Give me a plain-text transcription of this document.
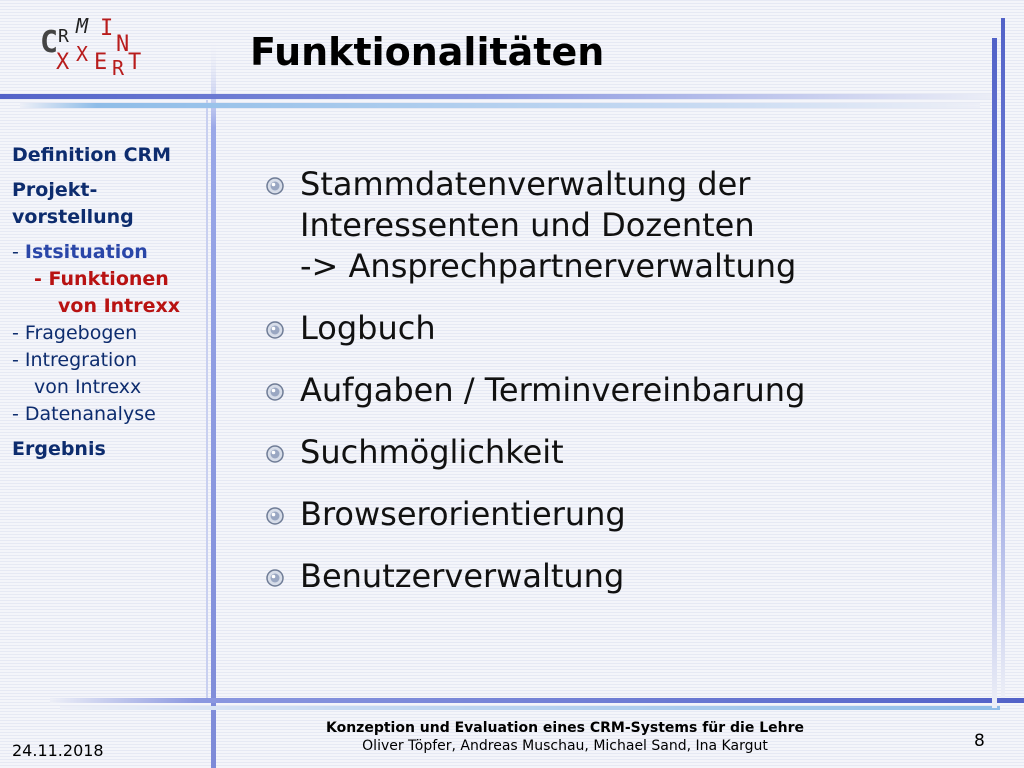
C R M I
N
X X E R T	Funktionalitäten
Definition CRM
Projekt-
vorstellung
- Istsituation
- Funktionen
von Intrexx
- Fragebogen
- Intregration
von Intrexx
- Datenanalyse
Ergebnis
Stammdatenverwaltung der
Interessenten und Dozenten
-> Ansprechpartnerverwaltung
Logbuch
Aufgaben / Terminvereinbarung
Suchmöglichkeit
Browserorientierung
Benutzerverwaltung
24.11.2018
Konzeption und Evaluation eines CRM-Systems für die Lehre
Oliver Töpfer, Andreas Muschau, Michael Sand, Ina Kargut	8
